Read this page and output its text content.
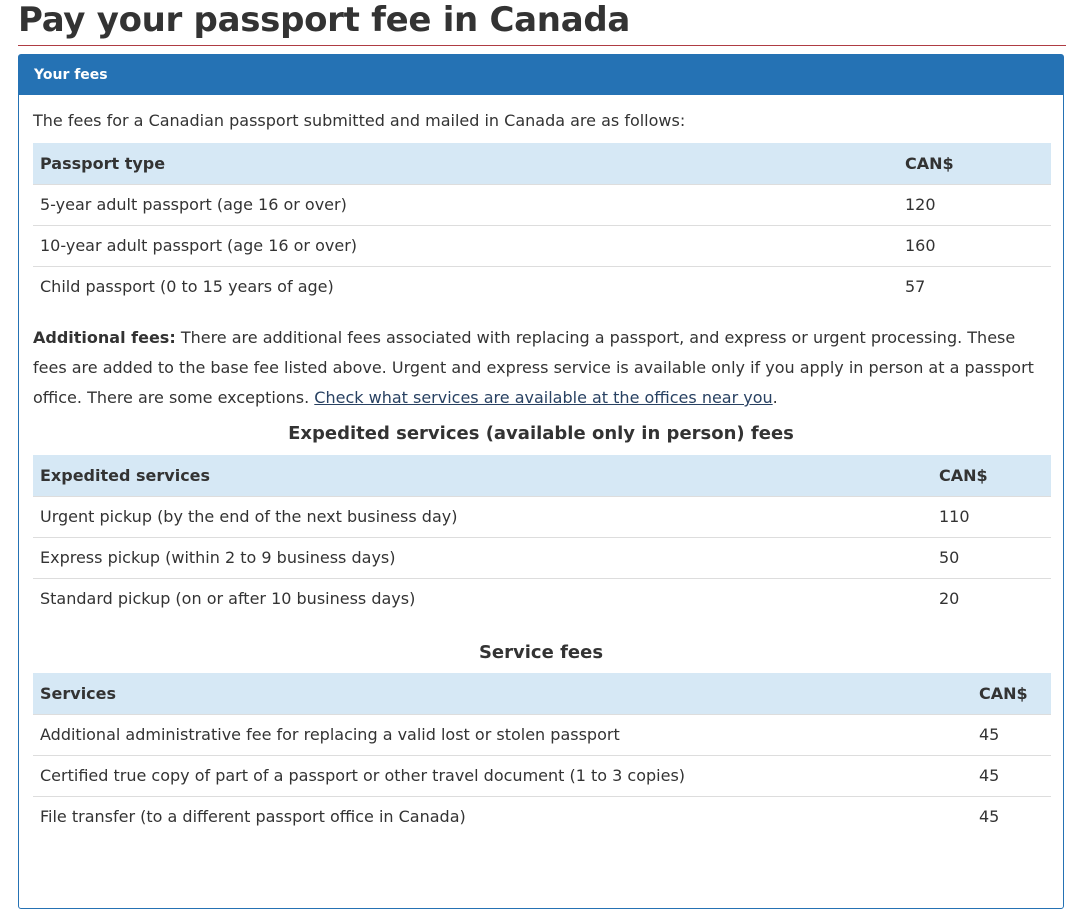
Pay your passport fee in Canada
Your fees

The fees for a Canadian passport submitted and mailed in Canada are as follows:

Passport type	CAN$
5-year adult passport (age 16 or over)	120
10-year adult passport (age 16 or over)	160
Child passport (0 to 15 years of age)	57

Additional fees: There are additional fees associated with replacing a passport, and express or urgent processing. These fees are added to the base fee listed above. Urgent and express service is available only if you apply in person at a passport office. There are some exceptions. Check what services are available at the offices near you.

Expedited services (available only in person) fees
Expedited services	CAN$
Urgent pickup (by the end of the next business day)	110
Express pickup (within 2 to 9 business days)	50
Standard pickup (on or after 10 business days)	20
Service fees
Services	CAN$
Additional administrative fee for replacing a valid lost or stolen passport	45
Certified true copy of part of a passport or other travel document (1 to 3 copies)	45
File transfer (to a different passport office in Canada)	45
